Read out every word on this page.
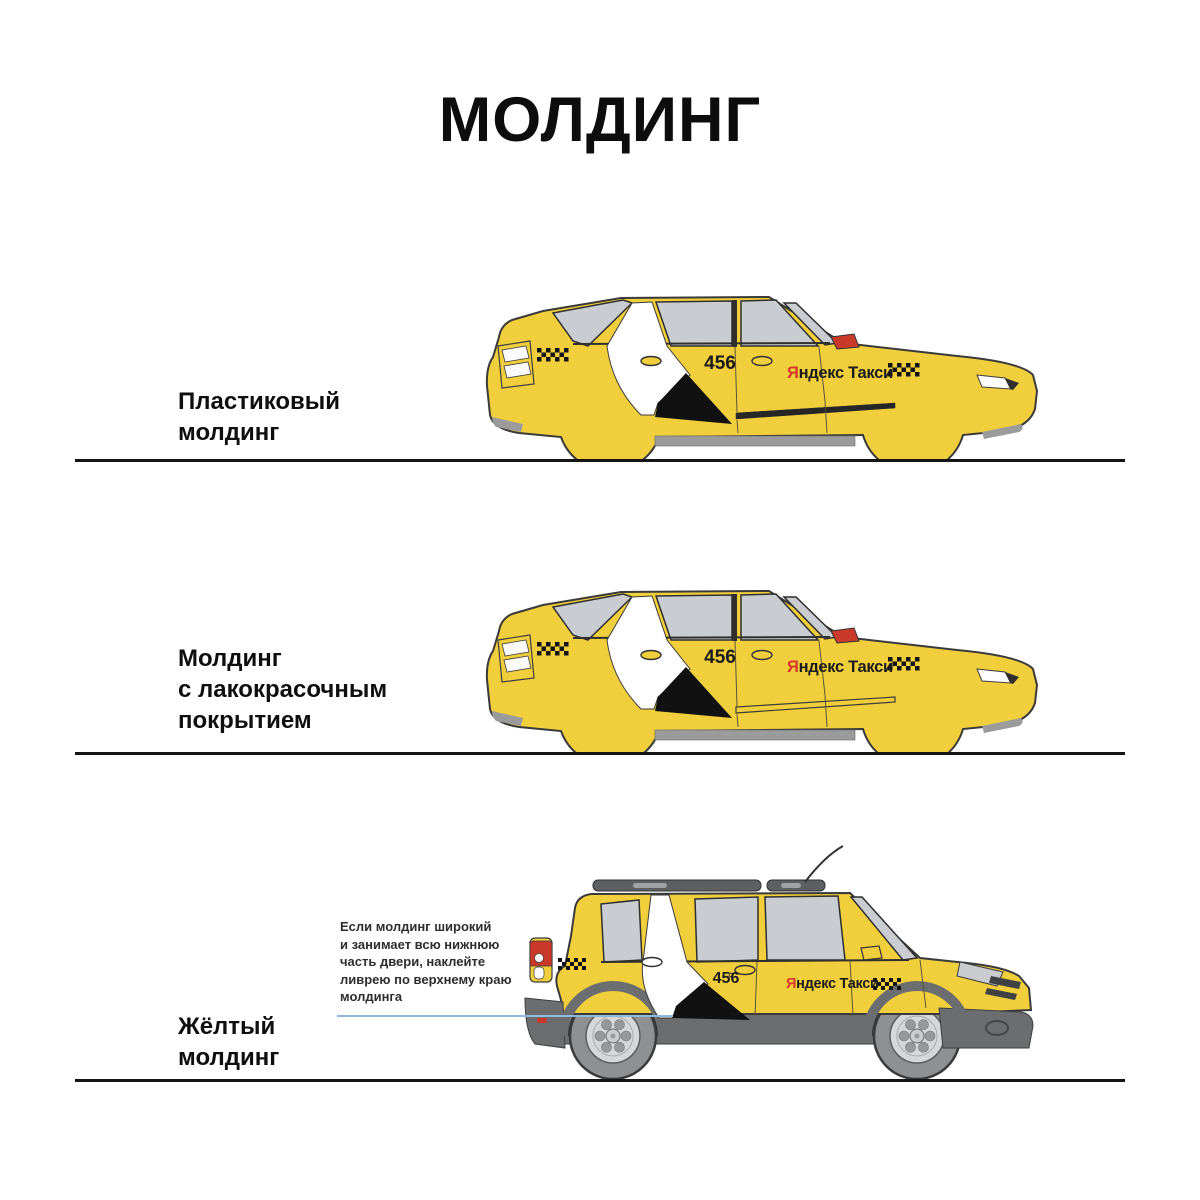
МОЛДИНГ
Пластиковый
молдинг
456	Яндекс Такси
Молдинг
с лакокрасочным
покрытием
456	Яндекс Такси
Если молдинг широкий
и занимает всю нижнюю
часть двери, наклейте
ливрею по верхнему краю
молдинга
Жёлтый
молдинг
456	Яндекс Такси
